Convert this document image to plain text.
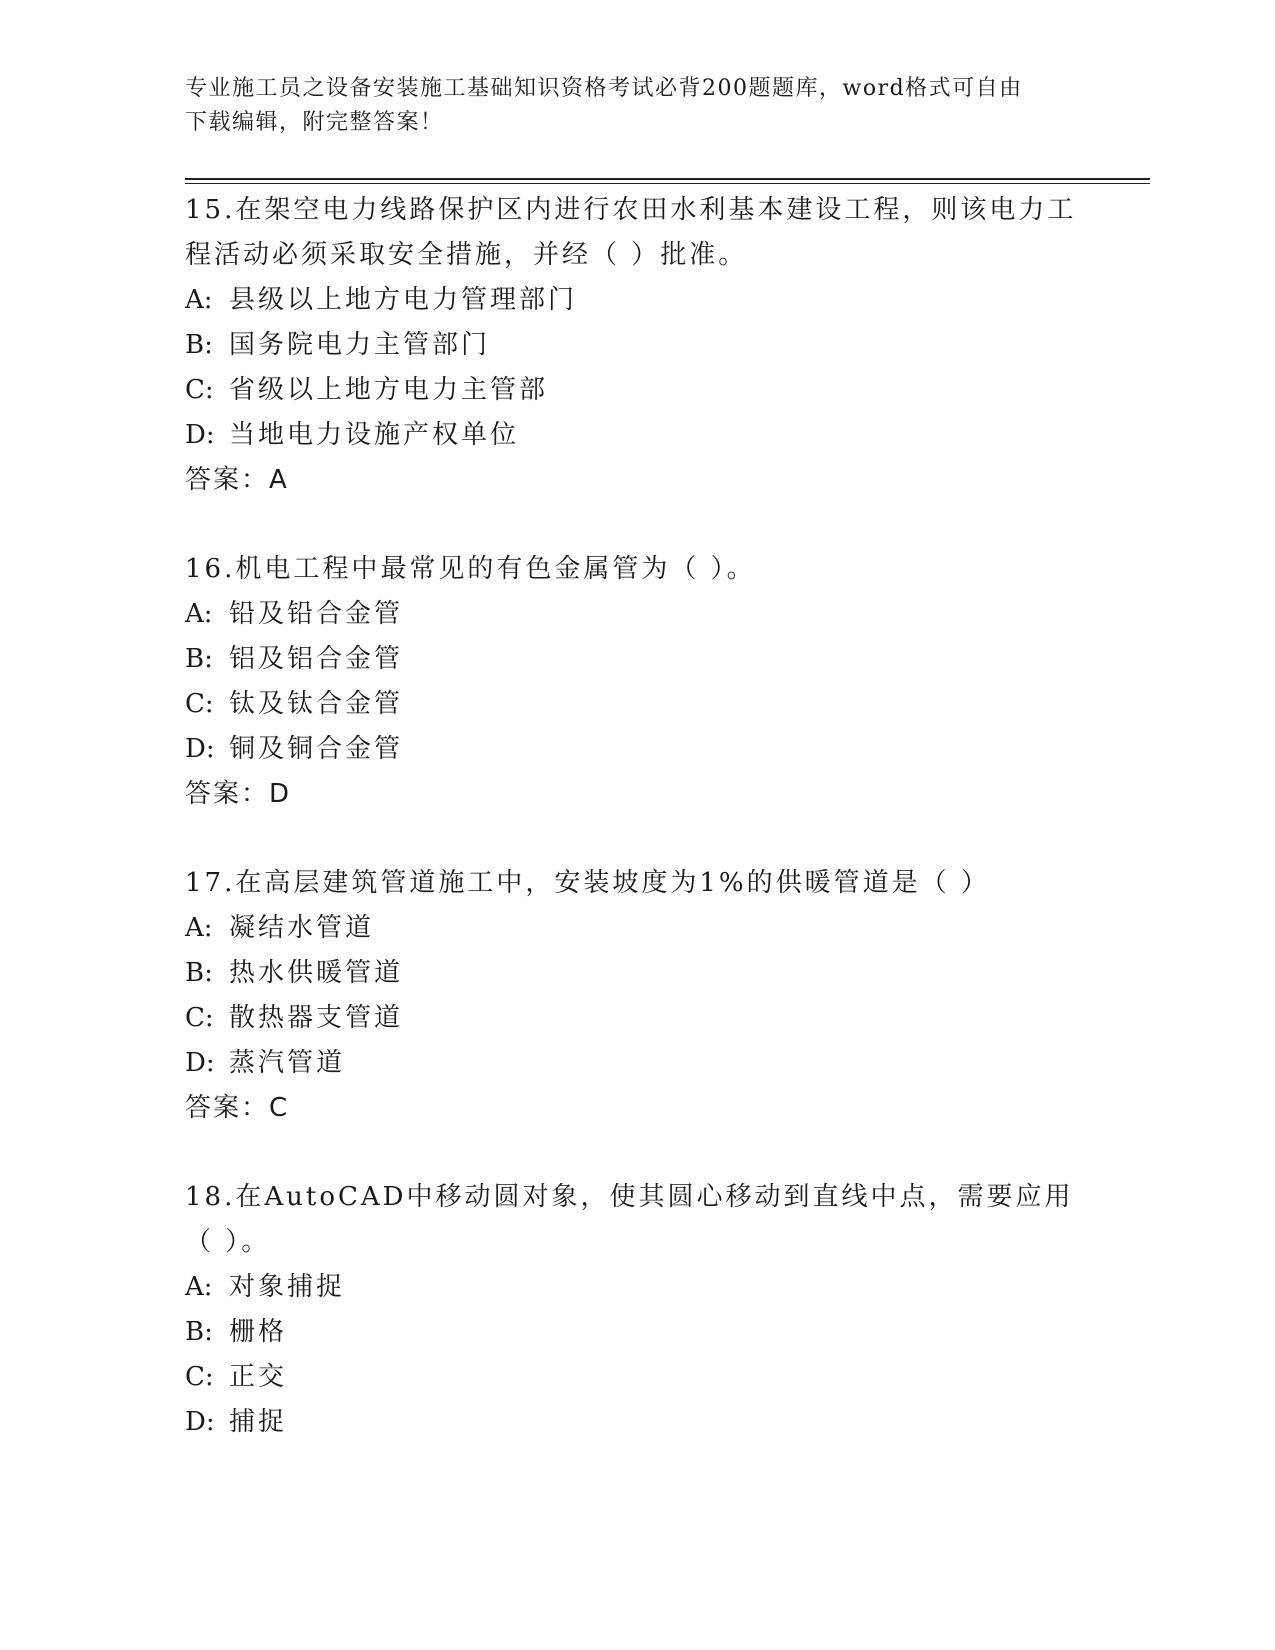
专业施工员之设备安装施工基础知识资格考试必背200题题库，word格式可自由
下载编辑，附完整答案！

15.在架空电力线路保护区内进行农田水利基本建设工程，则该电力工程活动必须采取安全措施，并经（ ）批准。

A: 县级以上地方电力管理部门

B: 国务院电力主管部门

C: 省级以上地方电力主管部

D: 当地电力设施产权单位

答案：A

16.机电工程中最常见的有色金属管为（ ）。

A: 铅及铅合金管

B: 铝及铝合金管

C: 钛及钛合金管

D: 铜及铜合金管

答案：D

17.在高层建筑管道施工中，安装坡度为1%的供暖管道是（ ）

A: 凝结水管道

B: 热水供暖管道

C: 散热器支管道

D: 蒸汽管道

答案：C

18.在AutoCAD中移动圆对象，使其圆心移动到直线中点，需要应用（ ）。

A: 对象捕捉

B: 栅格

C: 正交

D: 捕捉
